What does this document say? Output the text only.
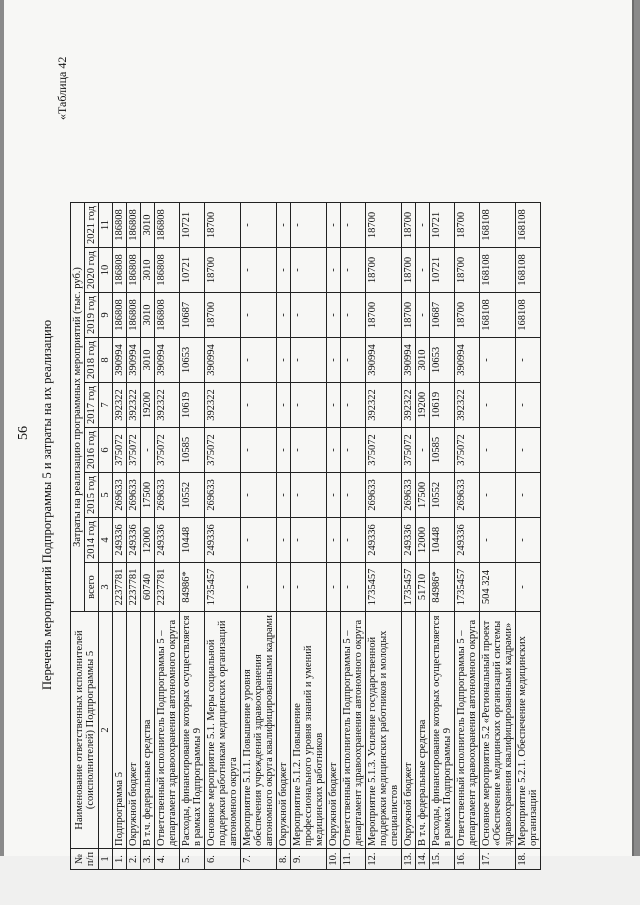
56
«Таблица 42
Перечень мероприятий Подпрограммы 5 и затраты на их реализацию
№ п/п	Наименование ответственных исполнителей (соисполнителей) Подпрограммы 5	Затраты на реализацию программных мероприятий (тыс. руб.)								
		всего	2014 год	2015 год	2016 год	2017 год	2018 год	2019 год	2020 год	2021 год
1	2	3	4	5	6	7	8	9	10	11
1.	Подпрограмма 5	2237781	249336	269633	375072	392322	390994	186808	186808	186808
2.	Окружной бюджет	2237781	249336	269633	375072	392322	390994	186808	186808	186808
3.	В т.ч. федеральные средства	60740	12000	17500	-	19200	3010	3010	3010	3010
4.	Ответственный исполнитель Подпрограммы 5 – департамент здравоохранения автономного округа	2237781	249336	269633	375072	392322	390994	186808	186808	186808
5.	Расходы, финансирование которых осуществляется в рамках Подпрограммы 9	84986*	10448	10552	10585	10619	10653	10687	10721	10721
6.	Основное мероприятие 5.1. Меры социальной поддержки работникам медицинских организаций автономного округа	1735457	249336	269633	375072	392322	390994	18700	18700	18700
7.	Мероприятие 5.1.1. Повышение уровня обеспечения учреждений здравоохранения автономного округа квалифицированными кадрами	-	-	-	-	-	-	-	-	-
8.	Окружной бюджет	-	-	-	-	-	-	-	-	-
9.	Мероприятие 5.1.2. Повышение профессионального уровня знаний и умений медицинских работников	-	-	-	-	-	-	-	-	-
10.	Окружной бюджет	-	-	-	-	-	-	-	-	-
11.	Ответственный исполнитель Подпрограммы 5 – департамент здравоохранения автономного округа	-	-	-	-	-	-	-	-	-
12.	Мероприятие 5.1.3. Усиление государственной поддержки медицинских работников и молодых специалистов	1735457	249336	269633	375072	392322	390994	18700	18700	18700
13.	Окружной бюджет	1735457	249336	269633	375072	392322	390994	18700	18700	18700
14.	В т.ч. федеральные средства	51710	12000	17500	-	19200	3010	-	-	-
15.	Расходы, финансирование которых осуществляется в рамках Подпрограммы 9	84986*	10448	10552	10585	10619	10653	10687	10721	10721
16.	Ответственный исполнитель Подпрограммы 5 – департамент здравоохранения автономного округа	1735457	249336	269633	375072	392322	390994	18700	18700	18700
17.	Основное мероприятие 5.2 «Региональный проект «Обеспечение медицинских организаций системы здравоохранения квалифицированными кадрами»	504 324	-	-	-	-	-	168108	168108	168108
18.	Мероприятие 5.2.1. Обеспечение медицинских организаций	-	-	-	-	-	-	168108	168108	168108
